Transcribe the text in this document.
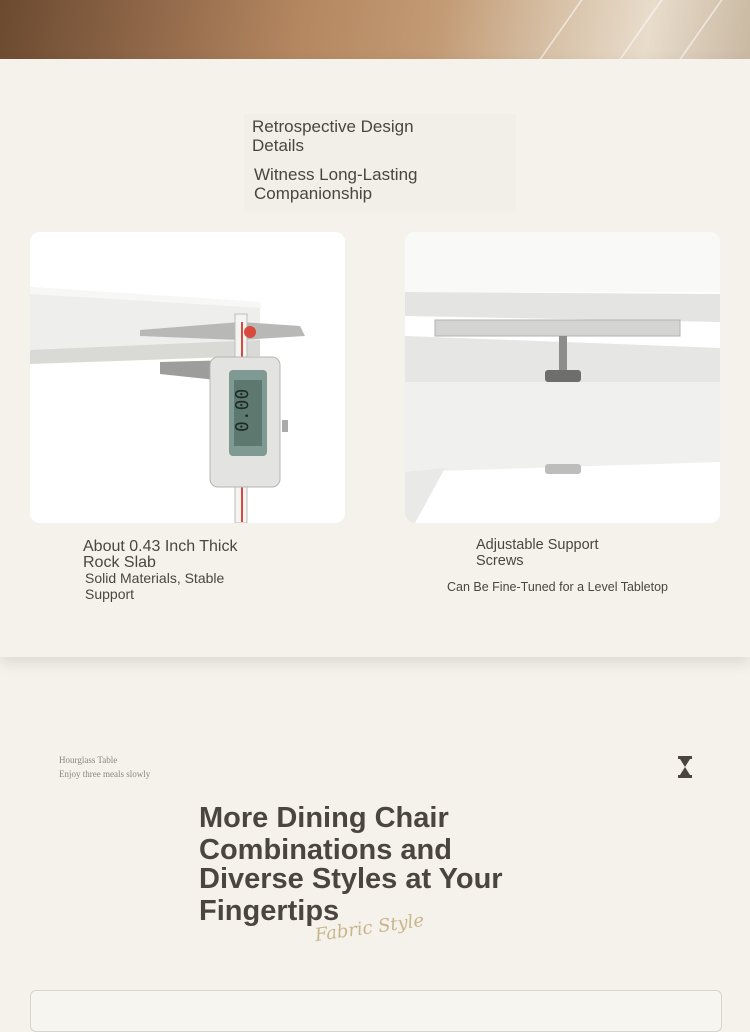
Retrospective Design Details
Witness Long-Lasting Companionship
0.00
About 0.43 Inch Thick Rock Slab
Solid Materials, Stable Support
Adjustable Support Screws
Can Be Fine-Tuned for a Level Tabletop
Hourglass Table
Enjoy three meals slowly
More Dining Chair
Combinations and
Diverse Styles at Your
Fingertips
Fabric Style
